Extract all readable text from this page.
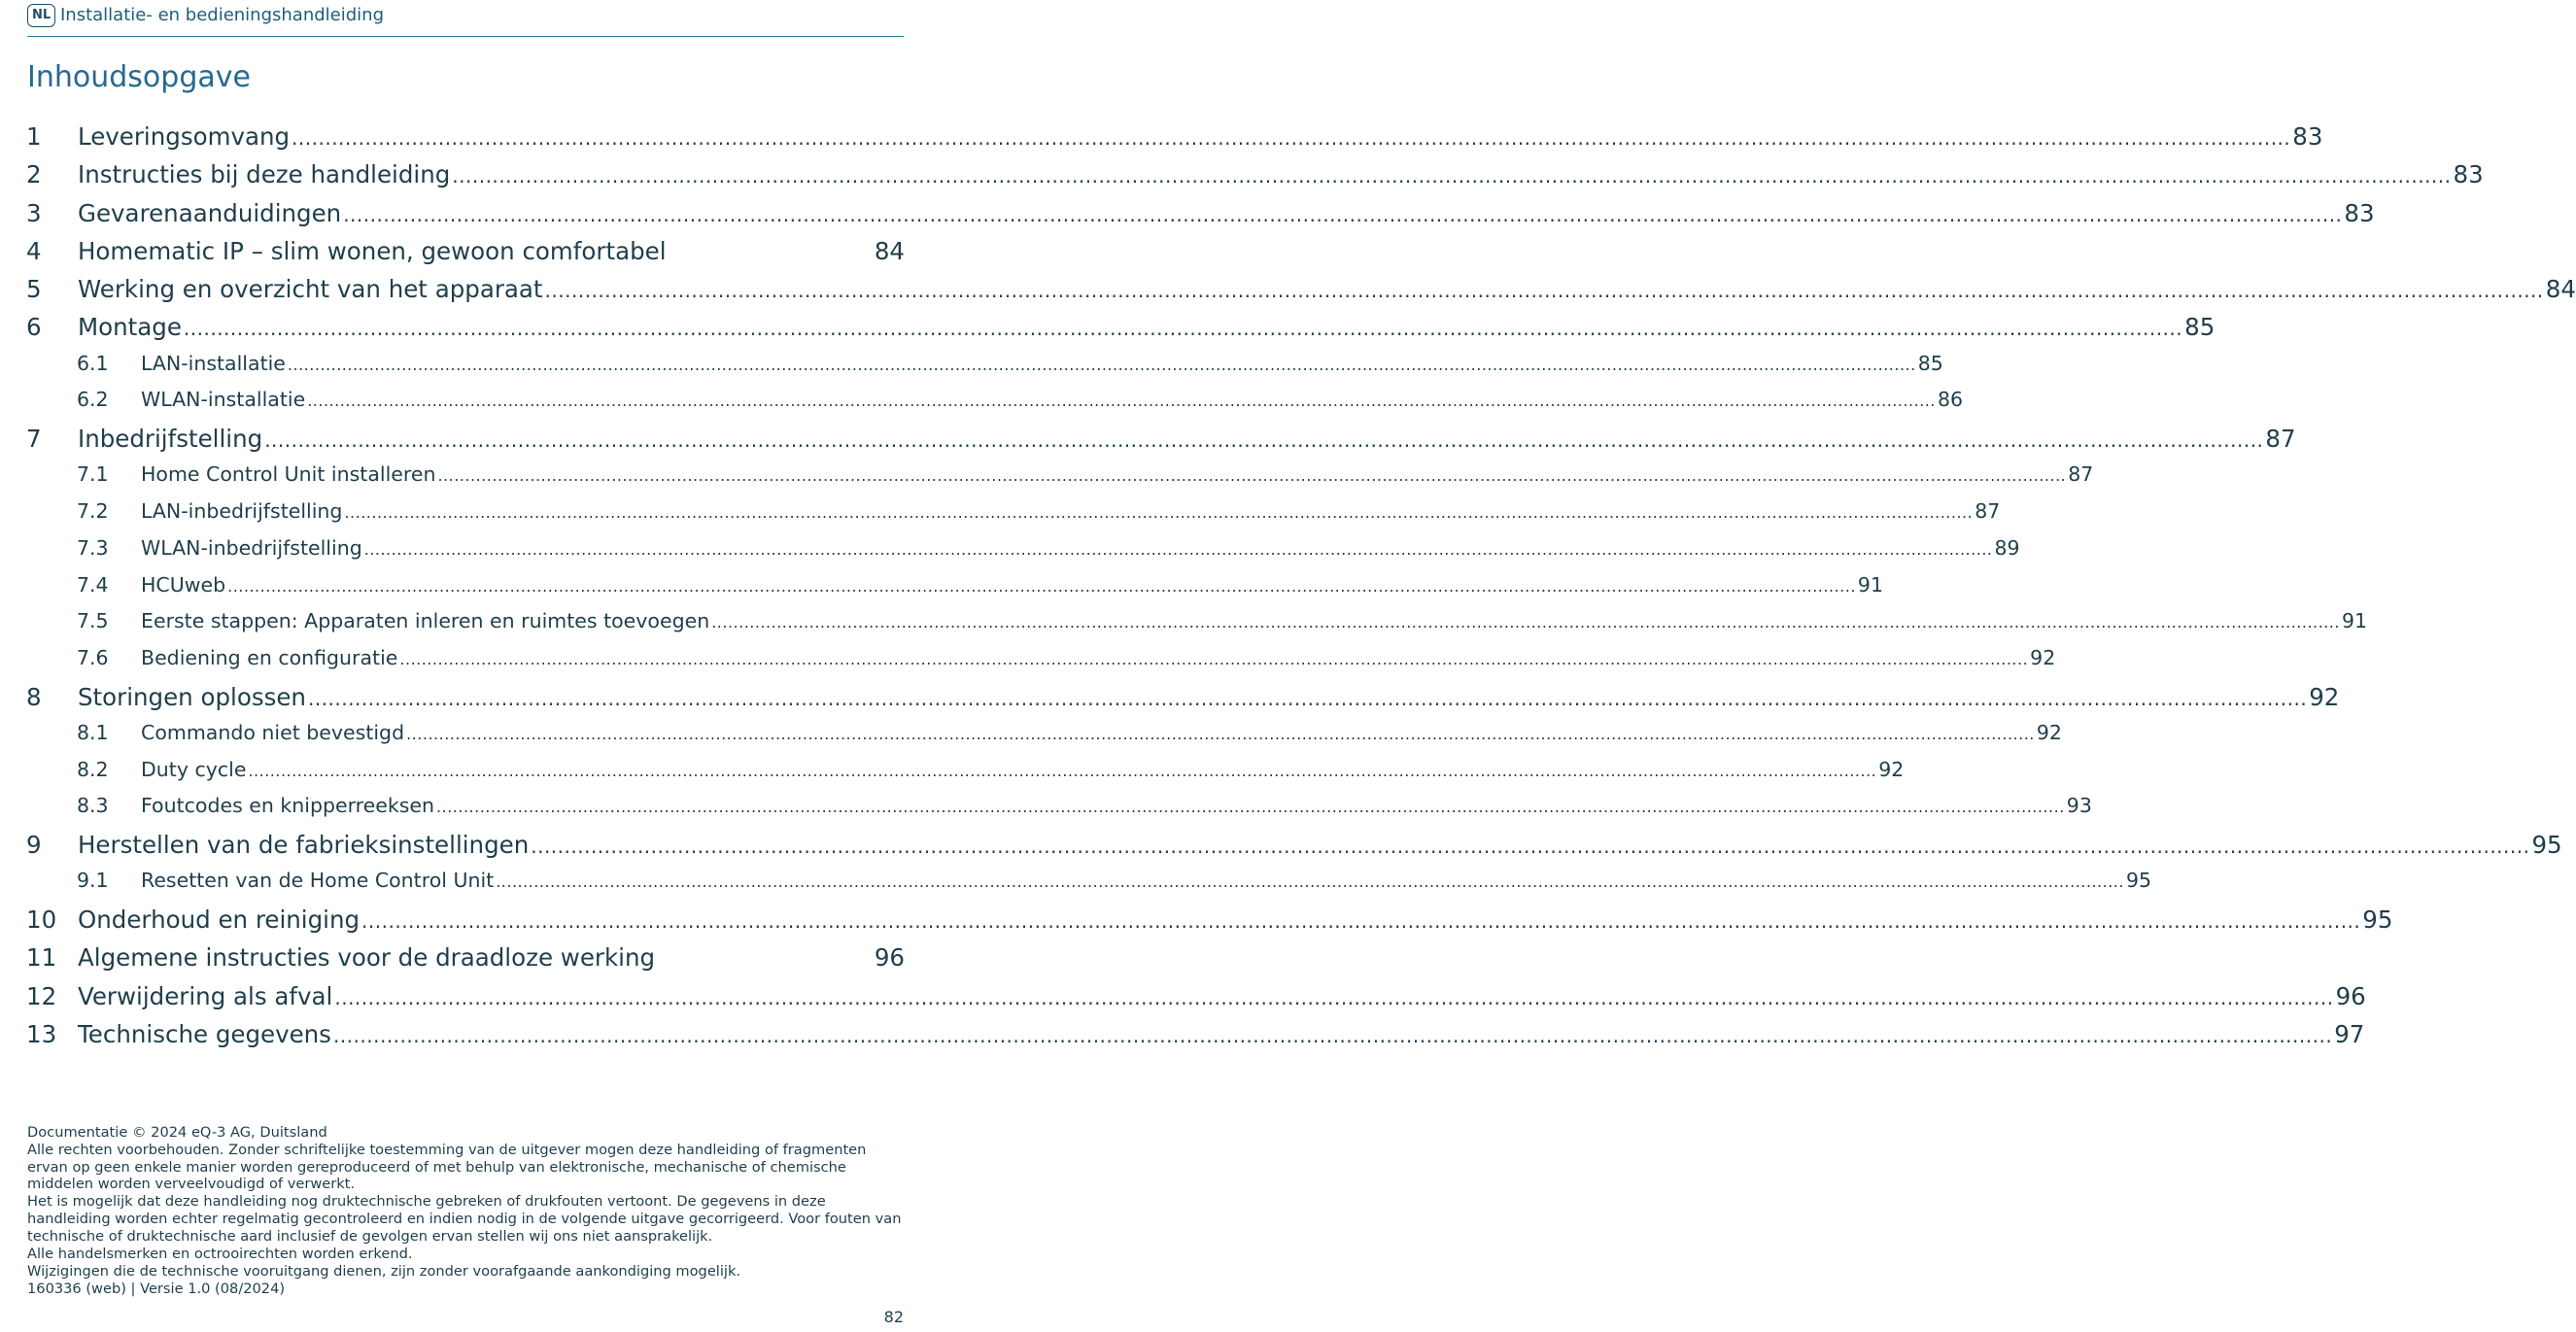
NL Installatie- en bedieningshandleiding
Inhoudsopgave
1	Leveringsomvang ............................................................................................................................................................................................................................................................................................................ 83
2	Instructies bij deze handleiding ............................................................................................................................................................................................................................................................................................................ 83
3	Gevarenaanduidingen ............................................................................................................................................................................................................................................................................................................ 83
4	Homematic IP – slim wonen, gewoon comfortabel	84
5	Werking en overzicht van het apparaat ............................................................................................................................................................................................................................................................................................................ 84
6	Montage ............................................................................................................................................................................................................................................................................................................ 85
6.1	LAN-installatie ............................................................................................................................................................................................................................................................................................................ 85
6.2	WLAN-installatie ............................................................................................................................................................................................................................................................................................................ 86
7	Inbedrijfstelling ............................................................................................................................................................................................................................................................................................................ 87
7.1	Home Control Unit installeren ............................................................................................................................................................................................................................................................................................................ 87
7.2	LAN-inbedrijfstelling ............................................................................................................................................................................................................................................................................................................ 87
7.3	WLAN-inbedrijfstelling ............................................................................................................................................................................................................................................................................................................ 89
7.4	HCUweb ............................................................................................................................................................................................................................................................................................................ 91
7.5	Eerste stappen: Apparaten inleren en ruimtes toevoegen ............................................................................................................................................................................................................................................................................................................ 91
7.6	Bediening en configuratie ............................................................................................................................................................................................................................................................................................................ 92
8	Storingen oplossen ............................................................................................................................................................................................................................................................................................................ 92
8.1	Commando niet bevestigd ............................................................................................................................................................................................................................................................................................................ 92
8.2	Duty cycle ............................................................................................................................................................................................................................................................................................................ 92
8.3	Foutcodes en knipperreeksen ............................................................................................................................................................................................................................................................................................................ 93
9	Herstellen van de fabrieksinstellingen ............................................................................................................................................................................................................................................................................................................ 95
9.1	Resetten van de Home Control Unit ............................................................................................................................................................................................................................................................................................................ 95
10 Onderhoud en reiniging ............................................................................................................................................................................................................................................................................................................ 95
11 Algemene instructies voor de draadloze werking	96
12 Verwijdering als afval ............................................................................................................................................................................................................................................................................................................ 96
13 Technische gegevens ............................................................................................................................................................................................................................................................................................................ 97

Documentatie © 2024 eQ-3 AG, Duitsland

Alle rechten voorbehouden. Zonder schriftelijke toestemming van de uitgever mogen deze handleiding of fragmenten ervan op geen enkele manier worden gereproduceerd of met behulp van elektronische, mechanische of chemische middelen worden verveelvoudigd of verwerkt.

Het is mogelijk dat deze handleiding nog druktechnische gebreken of drukfouten vertoont. De gegevens in deze handleiding worden echter regelmatig gecontroleerd en indien nodig in de volgende uitgave gecorrigeerd. Voor fouten van technische of druktechnische aard inclusief de gevolgen ervan stellen wij ons niet aansprakelijk.

Alle handelsmerken en octrooirechten worden erkend.

Wijzigingen die de technische vooruitgang dienen, zijn zonder voorafgaande aankondiging mogelijk.

160336 (web) | Versie 1.0 (08/2024)

82
